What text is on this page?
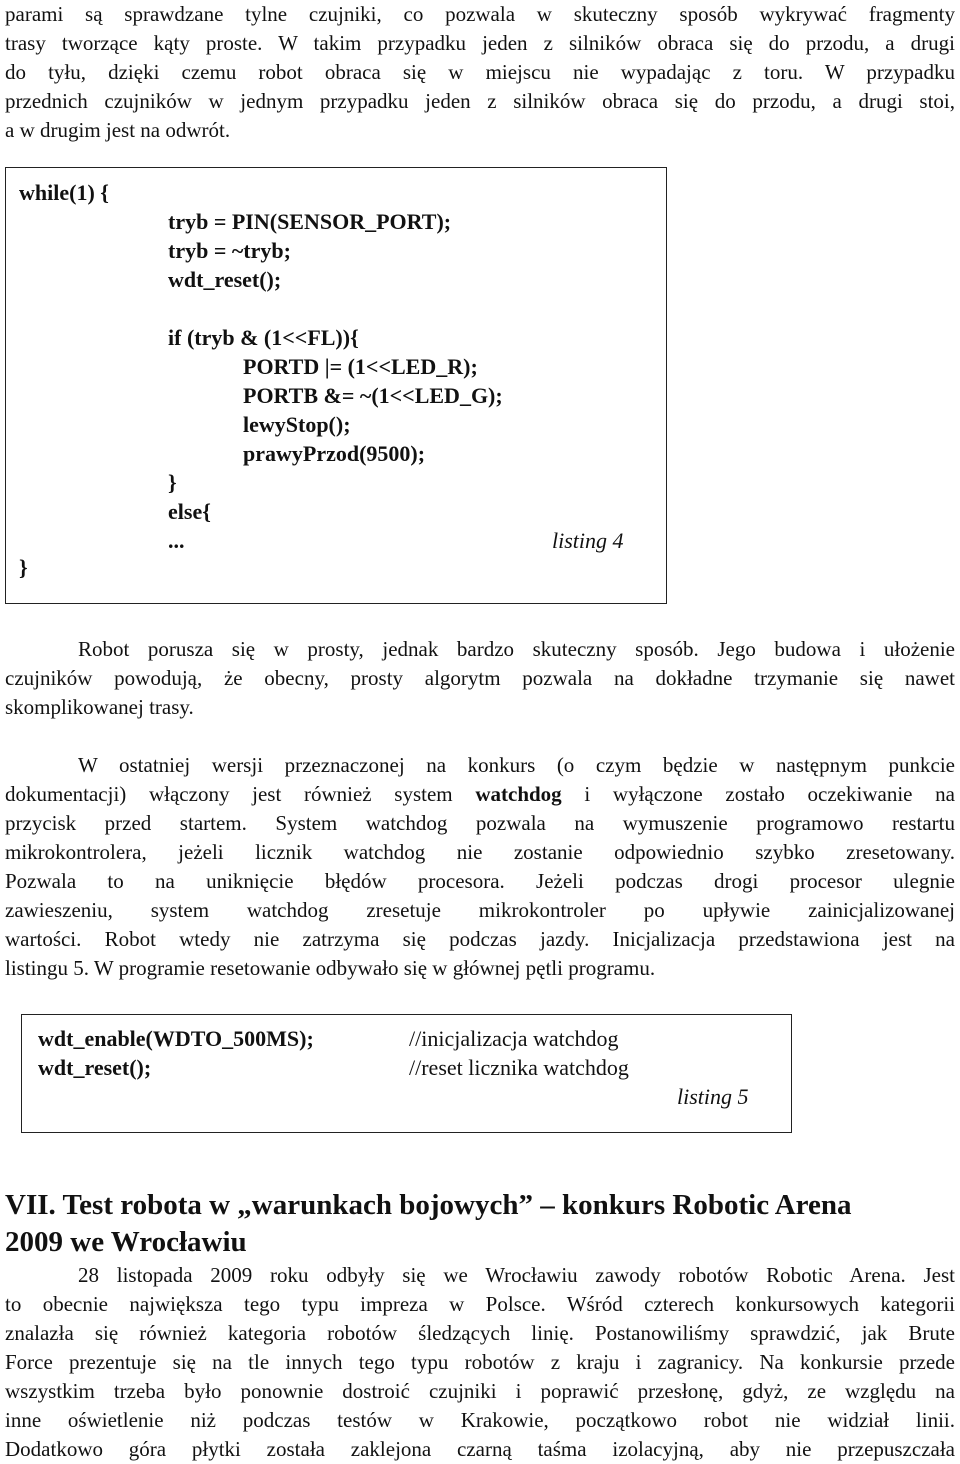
parami są sprawdzane tylne czujniki, co pozwala w skuteczny sposób wykrywać fragmenty
trasy tworzące kąty proste. W takim przypadku jeden z silników obraca się do przodu, a drugi
do tyłu, dzięki czemu robot obraca się w miejscu nie wypadając z toru. W przypadku
przednich czujników w jednym przypadku jeden z silników obraca się do przodu, a drugi stoi,
a w drugim jest na odwrót.
while(1) {
tryb = PIN(SENSOR_PORT);
tryb = ~tryb;
wdt_reset();
if (tryb & (1<<FL)){
PORTD |= (1<<LED_R);
PORTB &= ~(1<<LED_G);
lewyStop();
prawyPrzod(9500);
}
else{
...	listing 4
}
Robot porusza się w prosty, jednak bardzo skuteczny sposób. Jego budowa i ułożenie
czujników powodują, że obecny, prosty algorytm pozwala na dokładne trzymanie się nawet
skomplikowanej trasy.
W ostatniej wersji przeznaczonej na konkurs (o czym będzie w następnym punkcie
dokumentacji) włączony jest również system watchdog i wyłączone zostało oczekiwanie na
przycisk przed startem. System watchdog pozwala na wymuszenie programowo restartu
mikrokontrolera, jeżeli licznik watchdog nie zostanie odpowiednio szybko zresetowany.
Pozwala to na uniknięcie błędów procesora. Jeżeli podczas drogi procesor ulegnie
zawieszeniu, system watchdog zresetuje mikrokontroler po upływie zainicjalizowanej
wartości. Robot wtedy nie zatrzyma się podczas jazdy. Inicjalizacja przedstawiona jest na
listingu 5. W programie resetowanie odbywało się w głównej pętli programu.
wdt_enable(WDTO_500MS);	//inicjalizacja watchdog
wdt_reset();	//reset licznika watchdog
listing 5
VII. Test robota w „warunkach bojowych” – konkurs Robotic Arena
2009 we Wrocławiu
28 listopada 2009 roku odbyły się we Wrocławiu zawody robotów Robotic Arena. Jest
to obecnie największa tego typu impreza w Polsce. Wśród czterech konkursowych kategorii
znalazła się również kategoria robotów śledzących linię. Postanowiliśmy sprawdzić, jak Brute
Force prezentuje się na tle innych tego typu robotów z kraju i zagranicy. Na konkursie przede
wszystkim trzeba było ponownie dostroić czujniki i poprawić przesłonę, gdyż, ze względu na
inne oświetlenie niż podczas testów w Krakowie, początkowo robot nie widział linii.
Dodatkowo góra płytki została zaklejona czarną taśma izolacyjną, aby nie przepuszczała
